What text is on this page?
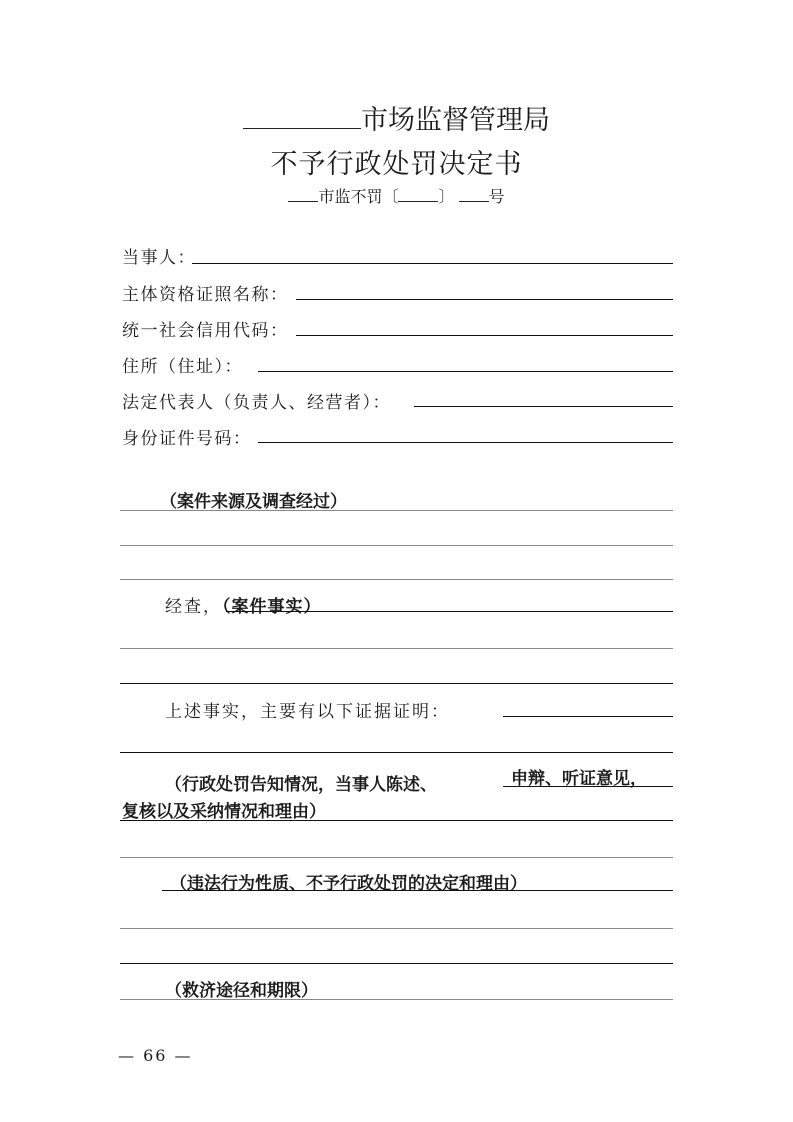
市场监督管理局
不予行政处罚决定书
市监不罚〔	〕 号
当事人：
主体资格证照名称：
统一社会信用代码：
住所（住址）：
法定代表人（负责人、经营者）：
身份证件号码：
（案件来源及调查经过）
经查，（案件事实）
上述事实，主要有以下证据证明：
（行政处罚告知情况，当事人陈述、	申辩、听证意见，
复核以及采纳情况和理由）
（违法行为性质、不予行政处罚的决定和理由）
（救济途径和期限）
— 66 —
